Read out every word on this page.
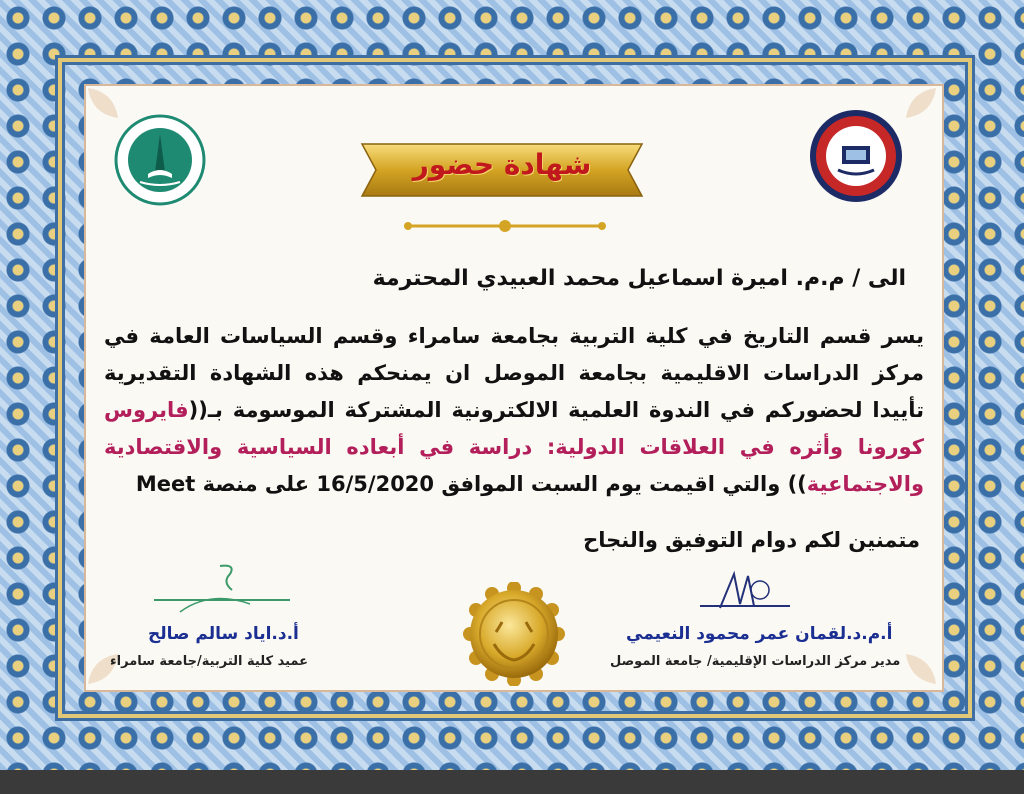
شهادة حضور
الى / م.م. اميرة اسماعيل محمد العبيدي المحترمة
يسر قسم التاريخ في كلية التربية بجامعة سامراء وقسم السياسات العامة في مركز الدراسات الاقليمية بجامعة الموصل ان يمنحكم هذه الشهادة التقديرية تأييدا لحضوركم في الندوة العلمية الالكترونية المشتركة الموسومة بـ((فايروس كورونا وأثره في العلاقات الدولية: دراسة في أبعاده السياسية والاقتصادية والاجتماعية)) والتي اقيمت يوم السبت الموافق 16/5/2020 على منصة Meet
متمنين لكم دوام التوفيق والنجاح
أ.د.اياد سالم صالح
عميد كلية التربية/جامعة سامراء
أ.م.د.لقمان عمر محمود النعيمي
مدير مركز الدراسات الإقليمية/ جامعة الموصل
